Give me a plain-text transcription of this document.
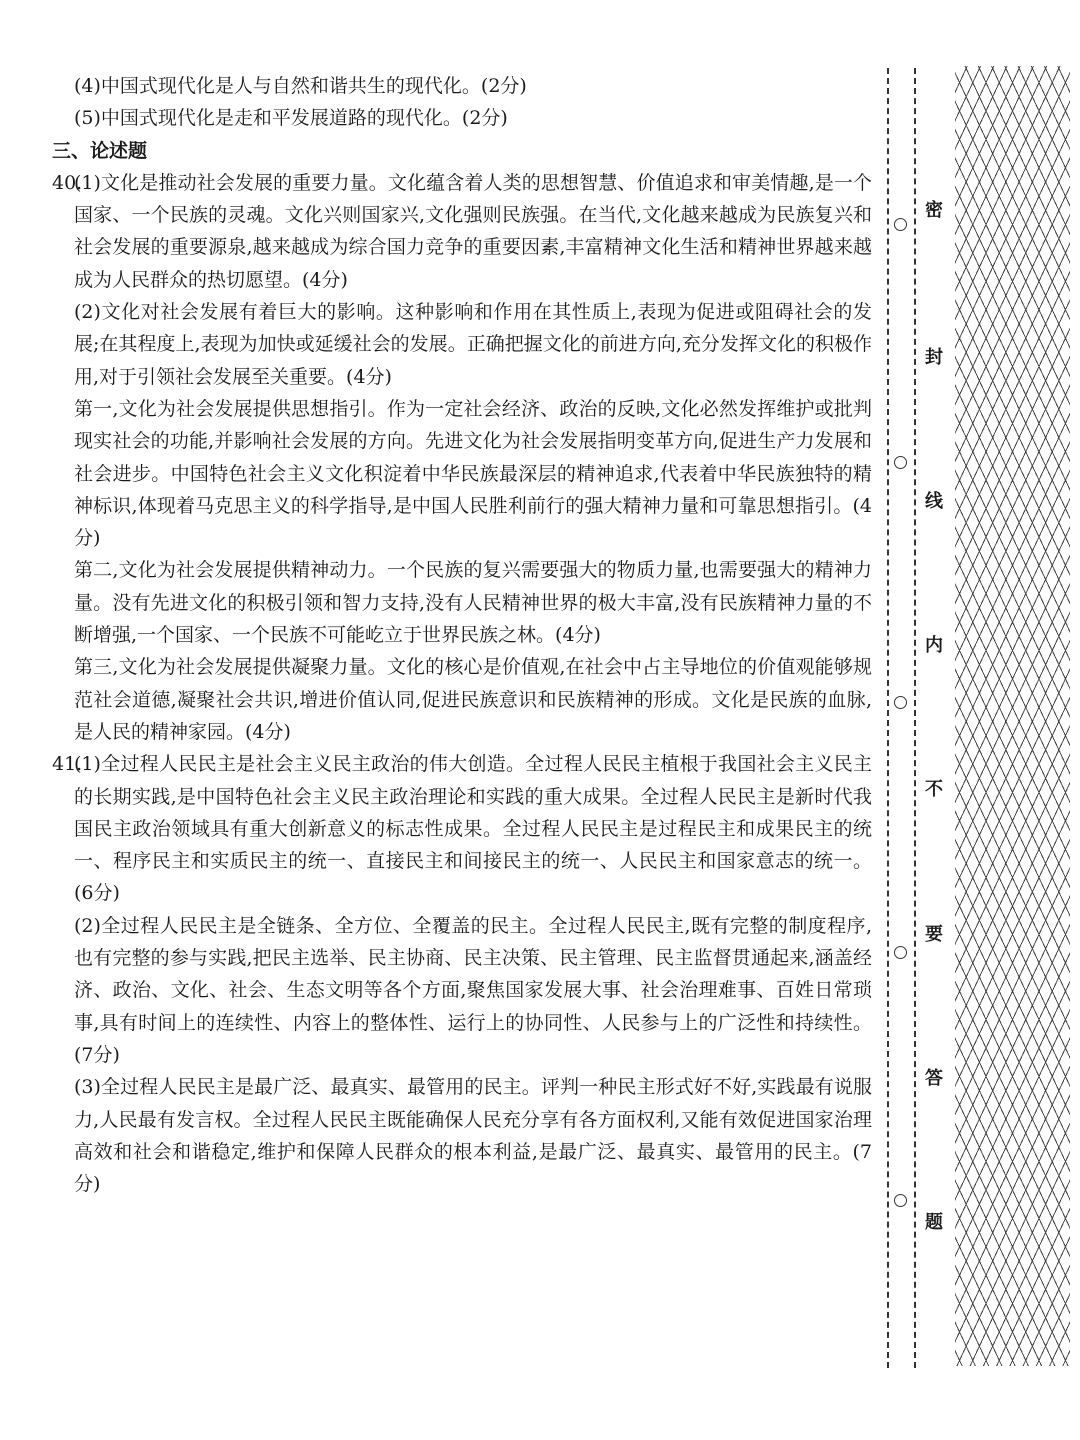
(4)中国式现代化是人与自然和谐共生的现代化。(2分)

(5)中国式现代化是走和平发展道路的现代化。(2分)

三、论述题

40.(1)文化是推动社会发展的重要力量。文化蕴含着人类的思想智慧、价值追求和审美情趣,是一个国家、一个民族的灵魂。文化兴则国家兴,文化强则民族强。在当代,文化越来越成为民族复兴和社会发展的重要源泉,越来越成为综合国力竞争的重要因素,丰富精神文化生活和精神世界越来越成为人民群众的热切愿望。(4分)

(2)文化对社会发展有着巨大的影响。这种影响和作用在其性质上,表现为促进或阻碍社会的发展;在其程度上,表现为加快或延缓社会的发展。正确把握文化的前进方向,充分发挥文化的积极作用,对于引领社会发展至关重要。(4分)

第一,文化为社会发展提供思想指引。作为一定社会经济、政治的反映,文化必然发挥维护或批判现实社会的功能,并影响社会发展的方向。先进文化为社会发展指明变革方向,促进生产力发展和社会进步。中国特色社会主义文化积淀着中华民族最深层的精神追求,代表着中华民族独特的精神标识,体现着马克思主义的科学指导,是中国人民胜利前行的强大精神力量和可靠思想指引。(4分)

第二,文化为社会发展提供精神动力。一个民族的复兴需要强大的物质力量,也需要强大的精神力量。没有先进文化的积极引领和智力支持,没有人民精神世界的极大丰富,没有民族精神力量的不断增强,一个国家、一个民族不可能屹立于世界民族之林。(4分)

第三,文化为社会发展提供凝聚力量。文化的核心是价值观,在社会中占主导地位的价值观能够规范社会道德,凝聚社会共识,增进价值认同,促进民族意识和民族精神的形成。文化是民族的血脉,是人民的精神家园。(4分)

41.(1)全过程人民民主是社会主义民主政治的伟大创造。全过程人民民主植根于我国社会主义民主的长期实践,是中国特色社会主义民主政治理论和实践的重大成果。全过程人民民主是新时代我国民主政治领域具有重大创新意义的标志性成果。全过程人民民主是过程民主和成果民主的统一、程序民主和实质民主的统一、直接民主和间接民主的统一、人民民主和国家意志的统一。(6分)

(2)全过程人民民主是全链条、全方位、全覆盖的民主。全过程人民民主,既有完整的制度程序,也有完整的参与实践,把民主选举、民主协商、民主决策、民主管理、民主监督贯通起来,涵盖经济、政治、文化、社会、生态文明等各个方面,聚焦国家发展大事、社会治理难事、百姓日常琐事,具有时间上的连续性、内容上的整体性、运行上的协同性、人民参与上的广泛性和持续性。(7分)

(3)全过程人民民主是最广泛、最真实、最管用的民主。评判一种民主形式好不好,实践最有说服力,人民最有发言权。全过程人民民主既能确保人民充分享有各方面权利,又能有效促进国家治理高效和社会和谐稳定,维护和保障人民群众的根本利益,是最广泛、最真实、最管用的民主。(7分)

密
封
线
内
不
要
答
题
